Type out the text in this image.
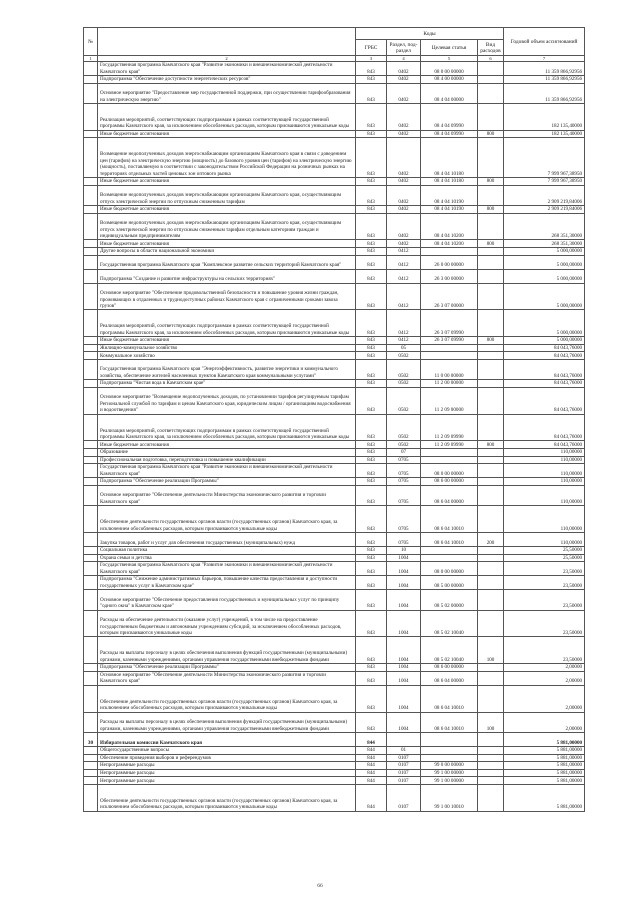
№		Коды				Годовой объем ассигнований
		ГРБС	Раздел, под-раздел	Целевая статья	Вид расходов	
1	2	3	4	5	6	7
	Государственная программа Камчатского края "Развитие экономики и внешнеэкономической деятельности Камчатского края"	843	0402	08 0 00 00000		11 359 866,92956
	Подпрограмма "Обеспечение доступности энергетических ресурсов"	843	0402	08 4 00 00000		11 359 866,92956
	Основное мероприятие "Предоставление мер государственной поддержки, при осуществлении тарифообразования на электрическую энергию"	843	0402	08 4 04 00000		11 359 866,92956
	Реализация мероприятий, соответствующих подпрограммам в рамках соответствующей государственной программы Камчатского края, за исключением обособленных расходов, которым присваиваются уникальные коды	843	0402	08 4 04 09990		182 135,40000
	Иные бюджетные ассигнования	843	0402	08 4 04 09990	800	182 135,40000
	Возмещение недополученных доходов энергоснабжающим организациям Камчатского края в связи с доведением цен (тарифов) на электрическую энергию (мощность) до базового уровня цен (тарифов) на электрическую энергию (мощность), поставляемую в соответствии с законодательством Российской Федерации на розничных рынках на территориях отдельных частей ценовых зон оптового рынка	843	0402	08 4 04 10180		7 999 967,38950
	Иные бюджетные ассигнования	843	0402	08 4 04 10180	800	7 999 967,38950
	Возмещение недополученных доходов энергоснабжающим организациям Камчатского края, осуществляющим отпуск электрической энергии по отпускным сниженным тарифам	843	0402	08 4 04 10190		2 909 219,84006
	Иные бюджетные ассигнования	843	0402	08 4 04 10190	800	2 909 219,84006
	Возмещение недополученных доходов энергоснабжающим организациям Камчатского края, осуществляющим отпуск электрической энергии по отпускным сниженным тарифам отдельным категориям граждан и индивидуальным предпринимателям	843	0402	08 4 04 10200		268 351,30000
	Иные бюджетные ассигнования	843	0402	08 4 04 10200	800	268 351,30000
	Другие вопросы в области национальной экономики	843	0412			5 000,00000
	Государственная программа Камчатского края "Комплексное развитие сельских территорий Камчатского края"	843	0412	26 0 00 00000		5 000,00000
	Подпрограмма "Создание и развитие инфраструктуры на сельских территориях"	843	0412	26 3 00 00000		5 000,00000
	Основное мероприятие "Обеспечение продовольственной безопасности и повышение уровня жизни граждан, проживающих в отдаленных и труднодоступных районах Камчатского края с ограниченными сроками завоза грузов"	843	0412	26 3 07 00000		5 000,00000
	Реализация мероприятий, соответствующих подпрограммам в рамках соответствующей государственной программы Камчатского края, за исключением обособленных расходов, которым присваиваются уникальные коды	843	0412	26 3 07 09990		5 000,00000
	Иные бюджетные ассигнования	843	0412	26 3 07 09990	800	5 000,00000
	Жилищно-коммунальное хозяйство	843	05			84 043,76000
	Коммунальное хозяйство	843	0502			84 043,76000
	Государственная программа Камчатского края "Энергоэффективность, развитие энергетики и коммунального хозяйства, обеспечение жителей населенных пунктов Камчатского края коммунальными услугами"	843	0502	11 0 00 00000		84 043,76000
	Подпрограмма "Чистая вода в Камчатском крае"	843	0502	11 2 00 00000		84 043,76000
	Основное мероприятие "Возмещение недополученных доходов, по установлении тарифов регулируемым тарифам Региональной службой по тарифам и ценам Камчатского края, юридическим лицам / организациям водоснабжения и водоотведения"	843	0502	11 2 09 00000		84 043,76000
	Реализация мероприятий, соответствующих подпрограммам в рамках соответствующей государственной программы Камчатского края, за исключением обособленных расходов, которым присваиваются уникальные коды	843	0502	11 2 09 09990		84 043,76000
	Иные бюджетные ассигнования	843	0502	11 2 09 09990	800	84 043,76000
	Образование	843	07			110,00000
	Профессиональная подготовка, переподготовка и повышение квалификации	843	0705			110,00000
	Государственная программа Камчатского края "Развитие экономики и внешнеэкономической деятельности Камчатского края"	843	0705	08 0 00 00000		110,00000
	Подпрограмма "Обеспечение реализации Программы"	843	0705	08 6 00 00000		110,00000
	Основное мероприятие "Обеспечение деятельности Министерства экономического развития и торговли Камчатского края"	843	0705	08 6 04 00000		110,00000
	Обеспечение деятельности государственных органов власти (государственных органов) Камчатского края, за исключением обособленных расходов, которым присваиваются уникальные коды	843	0705	08 6 04 10010		110,00000
	Закупка товаров, работ и услуг для обеспечения государственных (муниципальных) нужд	843	0705	08 6 04 10010	200	110,00000
	Социальная политика	843	10			25,50000
	Охрана семьи и детства	843	1004			25,50000
	Государственная программа Камчатского края "Развитие экономики и внешнеэкономической деятельности Камчатского края"	843	1004	08 0 00 00000		23,50000
	Подпрограмма "Снижение административных барьеров, повышение качества предоставления и доступности государственных услуг в Камчатском крае"	843	1004	08 5 00 00000		23,50000
	Основное мероприятие "Обеспечение предоставления государственных и муниципальных услуг по принципу "одного окна" в Камчатском крае"	843	1004	08 5 02 00000		23,50000
	Расходы на обеспечение деятельности (оказание услуг) учреждений, в том числе на предоставление государственным бюджетным и автономным учреждениям субсидий, за исключением обособленных расходов, которым присваиваются уникальные коды	843	1004	08 5 02 10040		23,50000
	Расходы на выплаты персоналу в целях обеспечения выполнения функций государственными (муниципальными) органами, казенными учреждениями, органами управления государственными внебюджетными фондами	843	1004	08 5 02 10040	100	23,50000
	Подпрограмма "Обеспечение реализации Программы"	843	1004	08 6 00 00000		2,00000
	Основное мероприятие "Обеспечение деятельности Министерства экономического развития и торговли Камчатского края"	843	1004	08 6 04 00000		2,00000
	Обеспечение деятельности государственных органов власти (государственных органов) Камчатского края, за исключением обособленных расходов, которым присваиваются уникальные коды	843	1004	08 6 04 10010		2,00000
	Расходы на выплаты персоналу в целях обеспечения выполнения функций государственными (муниципальными) органами, казенными учреждениями, органами управления государственными внебюджетными фондами	843	1004	08 6 04 10010	100	2,00000
30	Избирательная комиссия Камчатского края	844				5 881,00000
	Общегосударственные вопросы	844	01			5 881,00000
	Обеспечение проведения выборов и референдумов	844	0107			5 881,00000
	Непрограммные расходы	844	0107	99 0 00 00000		5 881,00000
	Непрограммные расходы	844	0107	99 1 00 00000		5 881,00000
	Непрограммные расходы	844	0107	99 1 00 00000		5 881,00000
	Обеспечение деятельности государственных органов власти (государственных органов) Камчатского края, за исключением обособленных расходов, которым присваиваются уникальные коды	844	0107	99 1 00 10010		5 881,00000
66
